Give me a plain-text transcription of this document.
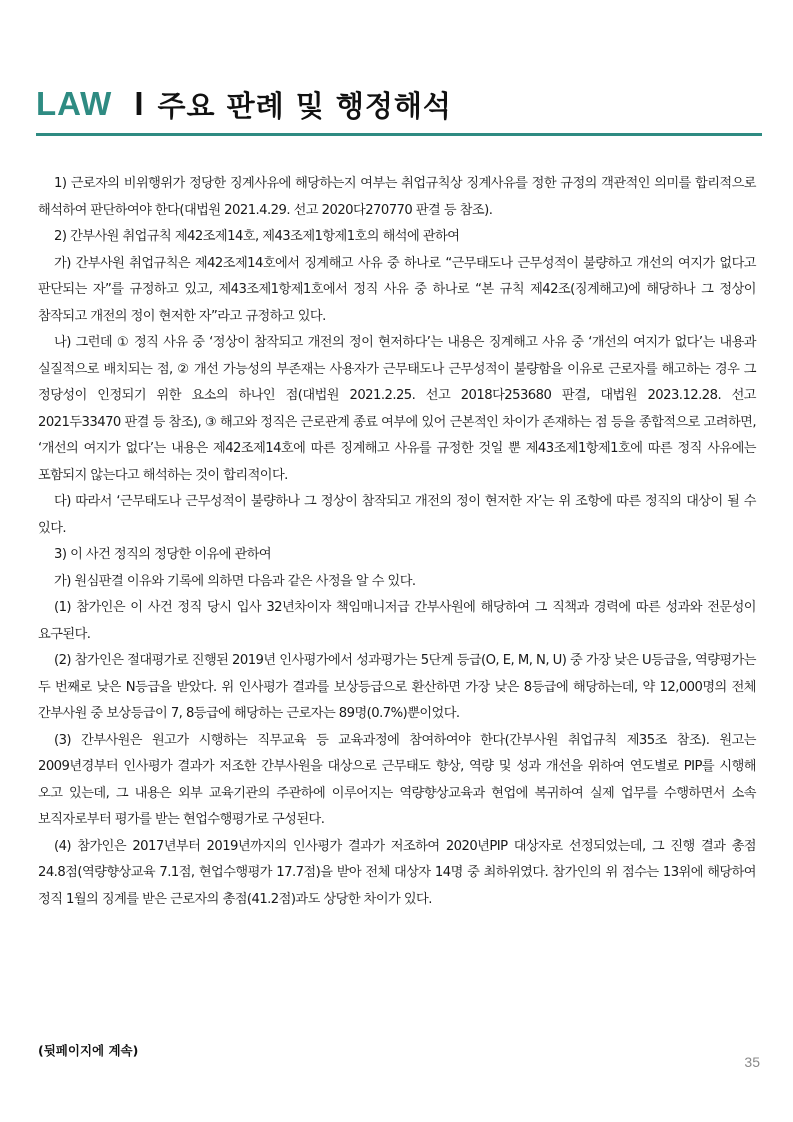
LAW I 주요 판례 및 행정해석

1) 근로자의 비위행위가 정당한 징계사유에 해당하는지 여부는 취업규칙상 징계사유를 정한 규정의 객관적인 의미를 합리적으로 해석하여 판단하여야 한다(대법원 2021.4.29. 선고 2020다270770 판결 등 참조).

2) 간부사원 취업규칙 제42조제14호, 제43조제1항제1호의 해석에 관하여

가) 간부사원 취업규칙은 제42조제14호에서 징계해고 사유 중 하나로 “근무태도나 근무성적이 불량하고 개선의 여지가 없다고 판단되는 자”를 규정하고 있고, 제43조제1항제1호에서 정직 사유 중 하나로 “본 규칙 제42조(징계해고)에 해당하나 그 정상이 참작되고 개전의 정이 현저한 자”라고 규정하고 있다.

나) 그런데 ① 정직 사유 중 ‘정상이 참작되고 개전의 정이 현저하다’는 내용은 징계해고 사유 중 ‘개선의 여지가 없다’는 내용과 실질적으로 배치되는 점, ② 개선 가능성의 부존재는 사용자가 근무태도나 근무성적이 불량함을 이유로 근로자를 해고하는 경우 그 정당성이 인정되기 위한 요소의 하나인 점(대법원 2021.2.25. 선고 2018다253680 판결, 대법원 2023.12.28. 선고 2021두33470 판결 등 참조), ③ 해고와 정직은 근로관계 종료 여부에 있어 근본적인 차이가 존재하는 점 등을 종합적으로 고려하면, ‘개선의 여지가 없다’는 내용은 제42조제14호에 따른 징계해고 사유를 규정한 것일 뿐 제43조제1항제1호에 따른 정직 사유에는 포함되지 않는다고 해석하는 것이 합리적이다.

다) 따라서 ‘근무태도나 근무성적이 불량하나 그 정상이 참작되고 개전의 정이 현저한 자’는 위 조항에 따른 정직의 대상이 될 수 있다.

3) 이 사건 정직의 정당한 이유에 관하여

가) 원심판결 이유와 기록에 의하면 다음과 같은 사정을 알 수 있다.

(1) 참가인은 이 사건 정직 당시 입사 32년차이자 책임매니저급 간부사원에 해당하여 그 직책과 경력에 따른 성과와 전문성이 요구된다.

(2) 참가인은 절대평가로 진행된 2019년 인사평가에서 성과평가는 5단계 등급(O, E, M, N, U) 중 가장 낮은 U등급을, 역량평가는 두 번째로 낮은 N등급을 받았다. 위 인사평가 결과를 보상등급으로 환산하면 가장 낮은 8등급에 해당하는데, 약 12,000명의 전체 간부사원 중 보상등급이 7, 8등급에 해당하는 근로자는 89명(0.7%)뿐이었다.

(3) 간부사원은 원고가 시행하는 직무교육 등 교육과정에 참여하여야 한다(간부사원 취업규칙 제35조 참조). 원고는 2009년경부터 인사평가 결과가 저조한 간부사원을 대상으로 근무태도 향상, 역량 및 성과 개선을 위하여 연도별로 PIP를 시행해 오고 있는데, 그 내용은 외부 교육기관의 주관하에 이루어지는 역량향상교육과 현업에 복귀하여 실제 업무를 수행하면서 소속 보직자로부터 평가를 받는 현업수행평가로 구성된다.

(4) 참가인은 2017년부터 2019년까지의 인사평가 결과가 저조하여 2020년PIP 대상자로 선정되었는데, 그 진행 결과 총점 24.8점(역량향상교육 7.1점, 현업수행평가 17.7점)을 받아 전체 대상자 14명 중 최하위였다. 참가인의 위 점수는 13위에 해당하여 정직 1월의 징계를 받은 근로자의 총점(41.2점)과도 상당한 차이가 있다.

(뒷페이지에 계속)
35
